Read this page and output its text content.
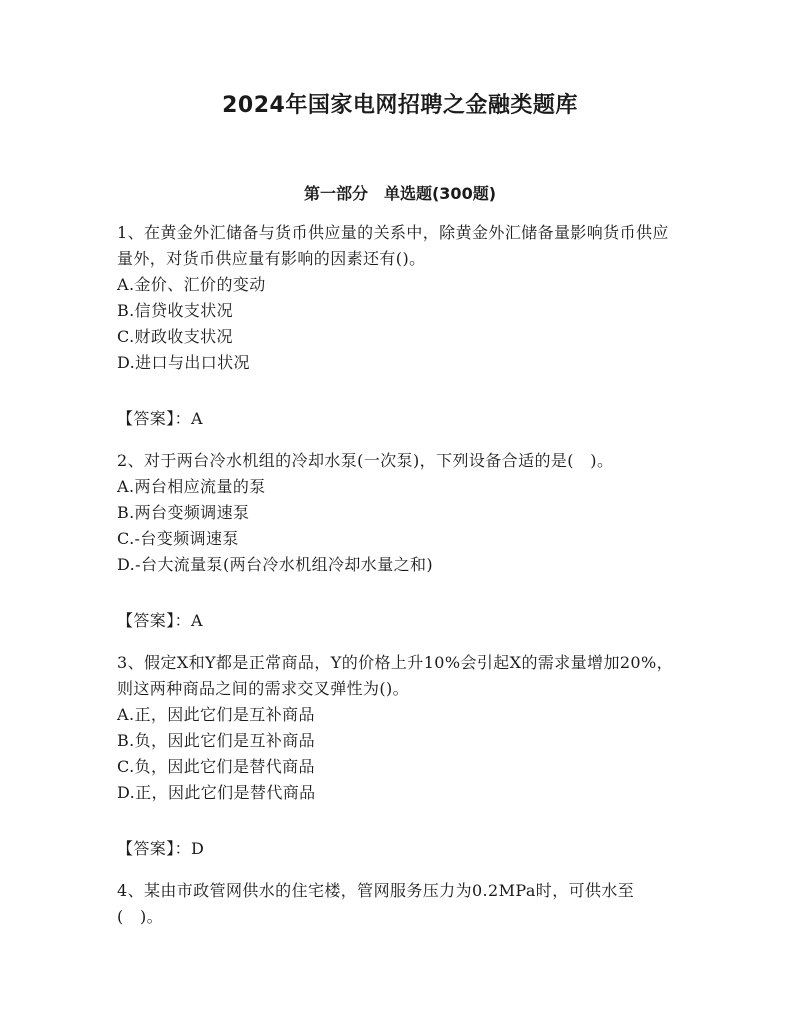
2024年国家电网招聘之金融类题库
第一部分　单选题(300题)

1、在黄金外汇储备与货币供应量的关系中，除黄金外汇储备量影响货币供应量外，对货币供应量有影响的因素还有()。

A.金价、汇价的变动

B.信贷收支状况

C.财政收支状况

D.进口与出口状况

【答案】：A

2、对于两台冷水机组的冷却水泵(一次泵)，下列设备合适的是(　)。

A.两台相应流量的泵

B.两台变频调速泵

C.-台变频调速泵

D.-台大流量泵(两台冷水机组冷却水量之和)

【答案】：A

3、假定X和Y都是正常商品，Y的价格上升10%会引起X的需求量增加20%，则这两种商品之间的需求交叉弹性为()。

A.正，因此它们是互补商品

B.负，因此它们是互补商品

C.负，因此它们是替代商品

D.正，因此它们是替代商品

【答案】：D

4、某由市政管网供水的住宅楼，管网服务压力为0.2MPa时，可供水至(　)。
